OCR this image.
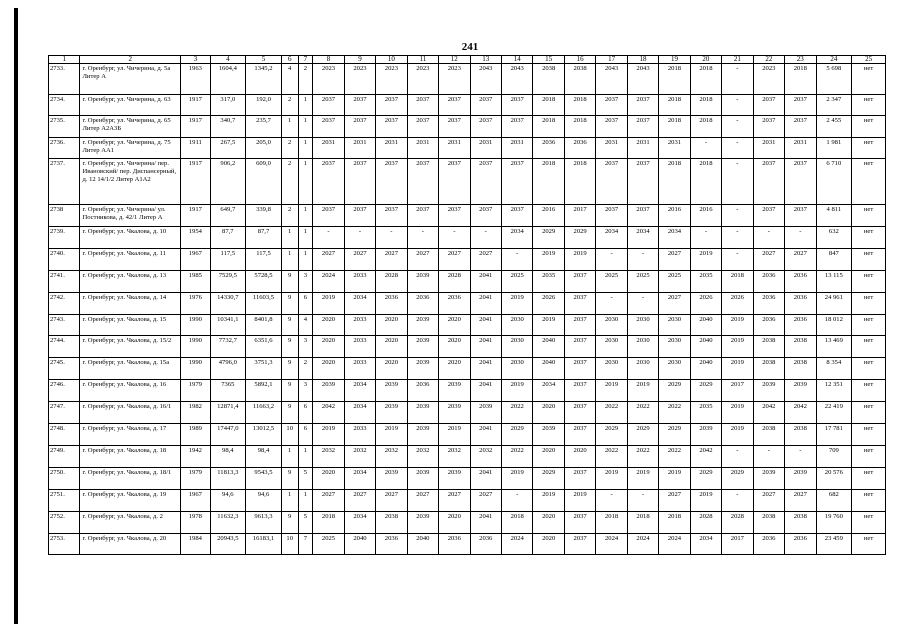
241
1	2	3	4	5	6	7	8	9	10	11	12	13	14	15	16	17	18	19	20	21	22	23	24	25
2733.	г. Оренбург, ул. Чичерина, д. 5а Литер А	1963	1604,4	1345,2	4	2	2023	2023	2023	2023	2023	2043	2043	2038	2038	2043	2043	2018	2018	-	2023	2018	5 698	нет
2734.	г. Оренбург, ул. Чичерина, д. 63	1917	317,0	192,0	2	1	2037	2037	2037	2037	2037	2037	2037	2018	2018	2037	2037	2018	2018	-	2037	2037	2 347	нет
2735.	г. Оренбург, ул. Чичерина, д. 65 Литер А2А3Б	1917	340,7	235,7	1	1	2037	2037	2037	2037	2037	2037	2037	2018	2018	2037	2037	2018	2018	-	2037	2037	2 455	нет
2736.	г. Оренбург, ул. Чичерина, д. 75 Литер АА1	1911	267,5	205,0	2	1	2031	2031	2031	2031	2031	2031	2031	2036	2036	2031	2031	2031	-	-	2031	2031	1 981	нет
2737.	г. Оренбург, ул. Чичерина/ пер. Ивановский/ пер. Диспансерный, д. 12 14/1/2 Литер А1А2	1917	906,2	609,0	2	1	2037	2037	2037	2037	2037	2037	2037	2018	2018	2037	2037	2018	2018	-	2037	2037	6 710	нет
2738	г. Оренбург, ул. Чичерина/ ул. Постникова, д. 42/1 Литер А	1917	649,7	339,8	2	1	2037	2037	2037	2037	2037	2037	2037	2016	2017	2037	2037	2016	2016	-	2037	2037	4 811	нет
2739.	г. Оренбург, ул. Чкалова, д. 10	1954	87,7	87,7	1	1	-	-	-	-	-	-	2034	2029	2029	2034	2034	2034	-	-	-	-	632	нет
2740.	г. Оренбург, ул. Чкалова, д. 11	1967	117,5	117,5	1	1	2027	2027	2027	2027	2027	2027	-	2019	2019	-	-	2027	2019	-	2027	2027	847	нет
2741.	г. Оренбург, ул. Чкалова, д. 13	1985	7529,5	5728,5	9	3	2024	2033	2028	2039	2028	2041	2025	2035	2037	2025	2025	2025	2035	2018	2036	2036	13 115	нет
2742.	г. Оренбург, ул. Чкалова, д. 14	1976	14330,7	11603,5	9	6	2019	2034	2036	2036	2036	2041	2019	2026	2037	-	-	2027	2026	2026	2036	2036	24 961	нет
2743.	г. Оренбург, ул. Чкалова, д. 15	1990	10341,1	8401,8	9	4	2020	2033	2020	2039	2020	2041	2030	2019	2037	2030	2030	2030	2040	2019	2036	2036	18 012	нет
2744.	г. Оренбург, ул. Чкалова, д. 15/2	1990	7732,7	6351,6	9	3	2020	2033	2020	2039	2020	2041	2030	2040	2037	2030	2030	2030	2040	2019	2038	2038	13 469	нет
2745.	г. Оренбург, ул. Чкалова, д. 15а	1990	4796,0	3751,3	9	2	2020	2033	2020	2039	2020	2041	2030	2040	2037	2030	2030	2030	2040	2019	2038	2038	8 354	нет
2746.	г. Оренбург, ул. Чкалова, д. 16	1979	7365	5892,1	9	3	2039	2034	2039	2036	2039	2041	2019	2034	2037	2019	2019	2029	2029	2017	2039	2039	12 351	нет
2747.	г. Оренбург, ул. Чкалова, д. 16/1	1982	12871,4	11663,2	9	6	2042	2034	2039	2039	2039	2039	2022	2020	2037	2022	2022	2022	2035	2019	2042	2042	22 419	нет
2748.	г. Оренбург, ул. Чкалова, д. 17	1989	17447,0	13012,5	10	6	2019	2033	2019	2039	2019	2041	2029	2039	2037	2029	2029	2029	2039	2019	2038	2038	17 781	нет
2749.	г. Оренбург, ул. Чкалова, д. 18	1942	98,4	98,4	1	1	2032	2032	2032	2032	2032	2032	2022	2020	2020	2022	2022	2022	2042	-	-	-	709	нет
2750.	г. Оренбург, ул. Чкалова, д. 18/1	1979	11813,3	9543,5	9	5	2020	2034	2039	2039	2039	2041	2019	2029	2037	2019	2019	2019	2029	2029	2039	2039	20 576	нет
2751.	г. Оренбург, ул. Чкалова, д. 19	1967	94,6	94,6	1	1	2027	2027	2027	2027	2027	2027	-	2019	2019	-	-	2027	2019	-	2027	2027	682	нет
2752.	г. Оренбург, ул. Чкалова, д. 2	1978	11632,3	9613,3	9	5	2018	2034	2038	2039	2020	2041	2018	2020	2037	2018	2018	2018	2028	2028	2038	2038	19 760	нет
2753.	г. Оренбург, ул. Чкалова, д. 20	1984	20943,5	16183,1	10	7	2025	2040	2036	2040	2036	2036	2024	2020	2037	2024	2024	2024	2034	2017	2036	2036	23 459	нет
